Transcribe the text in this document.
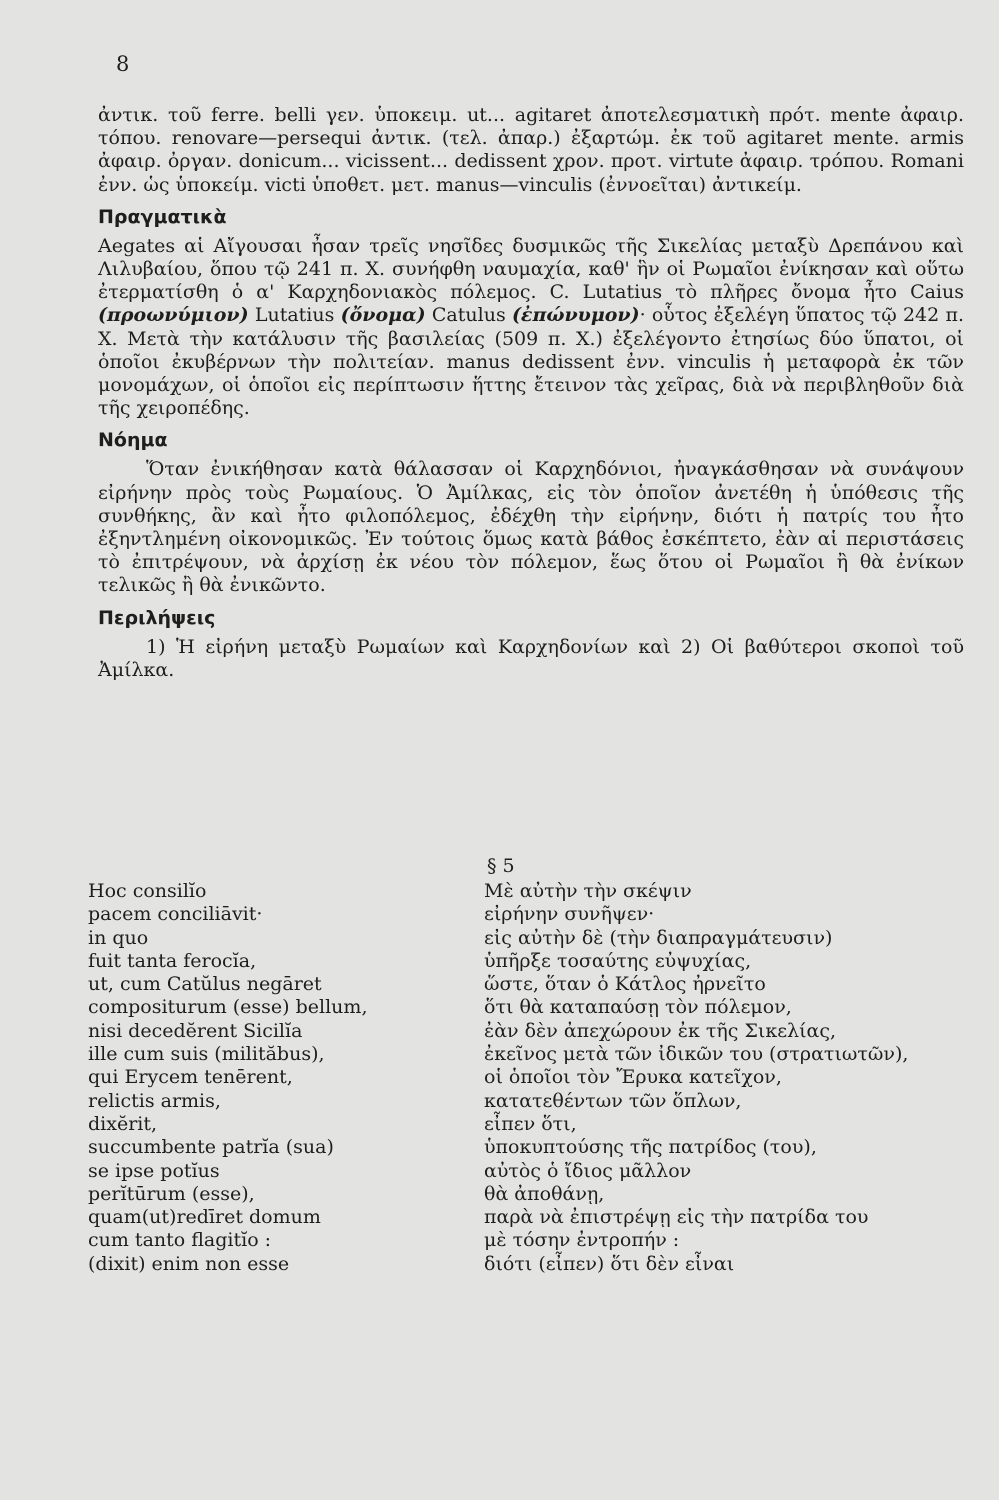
8

ἀντικ. τοῦ ferre. belli γεν. ὑποκειμ. ut... agitaret ἀποτελεσματικὴ πρότ. mente ἀφαιρ. τόπου. renovare—persequi ἀντικ. (τελ. ἀπαρ.) ἐξαρτώμ. ἐκ τοῦ agitaret mente. armis ἀφαιρ. ὀργαν. donicum... vicissent... dedissent χρον. προτ. virtute ἀφαιρ. τρόπου. Romani ἐνν. ὡς ὑποκείμ. victi ὑποθετ. μετ. manus—vinculis (ἐννοεῖται) ἀντικείμ.

Πραγματικὰ

Aegates αἱ Αἴγουσαι ἦσαν τρεῖς νησῖδες δυσμικῶς τῆς Σικελίας μεταξὺ Δρεπάνου καὶ Λιλυβαίου, ὅπου τῷ 241 π. Χ. συνήφθη ναυμαχία, καθ' ἣν οἱ Ρωμαῖοι ἐνίκησαν καὶ οὕτω ἐτερματίσθη ὁ α' Καρχηδονιακὸς πόλεμος. C. Lutatius τὸ πλῆρες ὄνομα ἦτο Caius (προωνύμιον) Lutatius (ὄνομα) Catulus (ἐπώνυμον)· οὗτος ἐξελέγη ὕπατος τῷ 242 π. Χ. Μετὰ τὴν κατάλυσιν τῆς βασιλείας (509 π. Χ.) ἐξελέγοντο ἐτησίως δύο ὕπατοι, οἱ ὁποῖοι ἐκυβέρνων τὴν πολιτείαν. manus dedissent ἐνν. vinculis ἡ μεταφορὰ ἐκ τῶν μονομάχων, οἱ ὁποῖοι εἰς περίπτωσιν ἥττης ἔτεινον τὰς χεῖρας, διὰ νὰ περιβληθοῦν διὰ τῆς χειροπέδης.

Νόημα

Ὅταν ἐνικήθησαν κατὰ θάλασσαν οἱ Καρχηδόνιοι, ἠναγκάσθησαν νὰ συνάψουν εἰρήνην πρὸς τοὺς Ρωμαίους. Ὁ Ἀμίλκας, εἰς τὸν ὁποῖον ἀνετέθη ἡ ὑπόθεσις τῆς συνθήκης, ἂν καὶ ἦτο φιλοπόλεμος, ἐδέχθη τὴν εἰρήνην, διότι ἡ πατρίς του ἦτο ἐξηντλημένη οἰκονομικῶς. Ἐν τούτοις ὅμως κατὰ βάθος ἐσκέπτετο, ἐὰν αἱ περιστάσεις τὸ ἐπιτρέψουν, νὰ ἀρχίσῃ ἐκ νέου τὸν πόλεμον, ἕως ὅτου οἱ Ρωμαῖοι ἢ θὰ ἐνίκων τελικῶς ἢ θὰ ἐνικῶντο.

Περιλήψεις

1) Ἡ εἰρήνη μεταξὺ Ρωμαίων καὶ Καρχηδονίων καὶ 2) Οἱ βαθύτεροι σκοποὶ τοῦ Ἀμίλκα.

§ 5
Hoc consilĭo
pacem conciliāvit·
in quo
fuit tanta ferocĭa,
ut, cum Catŭlus negāret
compositurum (esse) bellum,
nisi decedĕrent Sicilĭa
ille cum suis (milităbus),
qui Erycem tenērent,
relictis armis,
dixĕrit,
succumbente patrĭa (sua)
se ipse potĭus
perĭtūrum (esse),
quam(ut)redīret domum
cum tanto flagitĭo :
(dixit) enim non esse
Μὲ αὐτὴν τὴν σκέψιν
εἰρήνην συνῆψεν·
εἰς αὐτὴν δὲ (τὴν διαπραγμάτευσιν)
ὑπῆρξε τοσαύτης εὐψυχίας,
ὥστε, ὅταν ὁ Κάτλος ἠρνεῖτο
ὅτι θὰ καταπαύσῃ τὸν πόλεμον,
ἐὰν δὲν ἀπεχώρουν ἐκ τῆς Σικελίας,
ἐκεῖνος μετὰ τῶν ἰδικῶν του (στρατιωτῶν),
οἱ ὁποῖοι τὸν Ἔρυκα κατεῖχον,
κατατεθέντων τῶν ὅπλων,
εἶπεν ὅτι,
ὑποκυπτούσης τῆς πατρίδος (του),
αὐτὸς ὁ ἴδιος μᾶλλον
θὰ ἀποθάνῃ,
παρὰ νὰ ἐπιστρέψῃ εἰς τὴν πατρίδα του
μὲ τόσην ἐντροπήν :
διότι (εἶπεν) ὅτι δὲν εἶναι
